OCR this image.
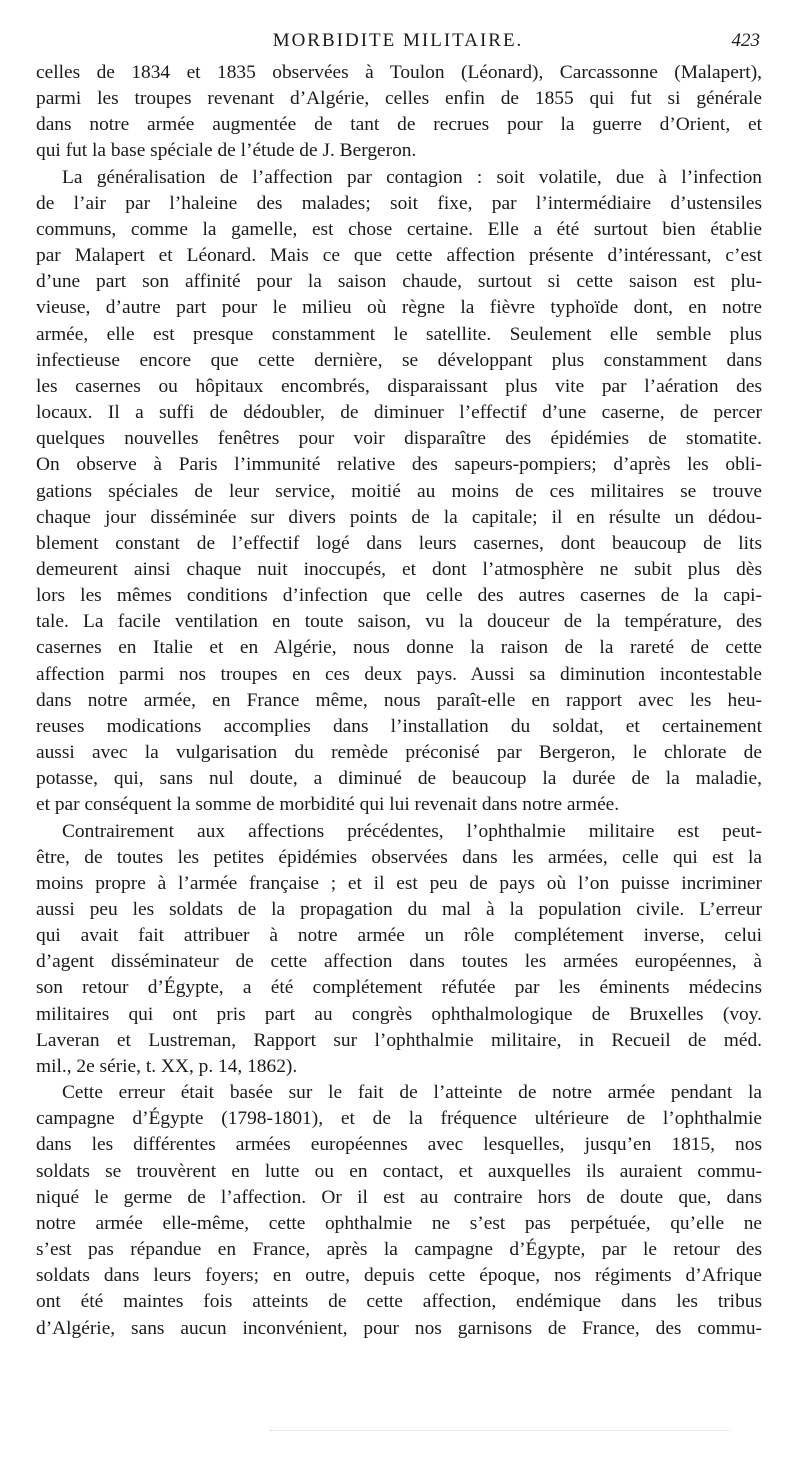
MORBIDITE MILITAIRE.	423
celles de 1834 et 1835 observées à Toulon (Léonard), Carcassonne (Malapert),
parmi les troupes revenant d’Algérie, celles enfin de 1855 qui fut si générale
dans notre armée augmentée de tant de recrues pour la guerre d’Orient, et
qui fut la base spéciale de l’étude de J. Bergeron.
La généralisation de l’affection par contagion : soit volatile, due à l’infection
de l’air par l’haleine des malades; soit fixe, par l’intermédiaire d’ustensiles
communs, comme la gamelle, est chose certaine. Elle a été surtout bien établie
par Malapert et Léonard. Mais ce que cette affection présente d’intéressant, c’est
d’une part son affinité pour la saison chaude, surtout si cette saison est plu-
vieuse, d’autre part pour le milieu où règne la fièvre typhoïde dont, en notre
armée, elle est presque constamment le satellite. Seulement elle semble plus
infectieuse encore que cette dernière, se développant plus constamment dans
les casernes ou hôpitaux encombrés, disparaissant plus vite par l’aération des
locaux. Il a suffi de dédoubler, de diminuer l’effectif d’une caserne, de percer
quelques nouvelles fenêtres pour voir disparaître des épidémies de stomatite.
On observe à Paris l’immunité relative des sapeurs-pompiers; d’après les obli-
gations spéciales de leur service, moitié au moins de ces militaires se trouve
chaque jour disséminée sur divers points de la capitale; il en résulte un dédou-
blement constant de l’effectif logé dans leurs casernes, dont beaucoup de lits
demeurent ainsi chaque nuit inoccupés, et dont l’atmosphère ne subit plus dès
lors les mêmes conditions d’infection que celle des autres casernes de la capi-
tale. La facile ventilation en toute saison, vu la douceur de la température, des
casernes en Italie et en Algérie, nous donne la raison de la rareté de cette
affection parmi nos troupes en ces deux pays. Aussi sa diminution incontestable
dans notre armée, en France même, nous paraît-elle en rapport avec les heu-
reuses modications accomplies dans l’installation du soldat, et certainement
aussi avec la vulgarisation du remède préconisé par Bergeron, le chlorate de
potasse, qui, sans nul doute, a diminué de beaucoup la durée de la maladie,
et par conséquent la somme de morbidité qui lui revenait dans notre armée.
Contrairement aux affections précédentes, l’ophthalmie militaire est peut-
être, de toutes les petites épidémies observées dans les armées, celle qui est la
moins propre à l’armée française ; et il est peu de pays où l’on puisse incriminer
aussi peu les soldats de la propagation du mal à la population civile. L’erreur
qui avait fait attribuer à notre armée un rôle complétement inverse, celui
d’agent disséminateur de cette affection dans toutes les armées européennes, à
son retour d’Égypte, a été complétement réfutée par les éminents médecins
militaires qui ont pris part au congrès ophthalmologique de Bruxelles (voy.
Laveran et Lustreman, Rapport sur l’ophthalmie militaire, in Recueil de méd.
mil., 2e série, t. XX, p. 14, 1862).
Cette erreur était basée sur le fait de l’atteinte de notre armée pendant la
campagne d’Égypte (1798-1801), et de la fréquence ultérieure de l’ophthalmie
dans les différentes armées européennes avec lesquelles, jusqu’en 1815, nos
soldats se trouvèrent en lutte ou en contact, et auxquelles ils auraient commu-
niqué le germe de l’affection. Or il est au contraire hors de doute que, dans
notre armée elle-même, cette ophthalmie ne s’est pas perpétuée, qu’elle ne
s’est pas répandue en France, après la campagne d’Égypte, par le retour des
soldats dans leurs foyers; en outre, depuis cette époque, nos régiments d’Afrique
ont été maintes fois atteints de cette affection, endémique dans les tribus
d’Algérie, sans aucun inconvénient, pour nos garnisons de France, des commu-
